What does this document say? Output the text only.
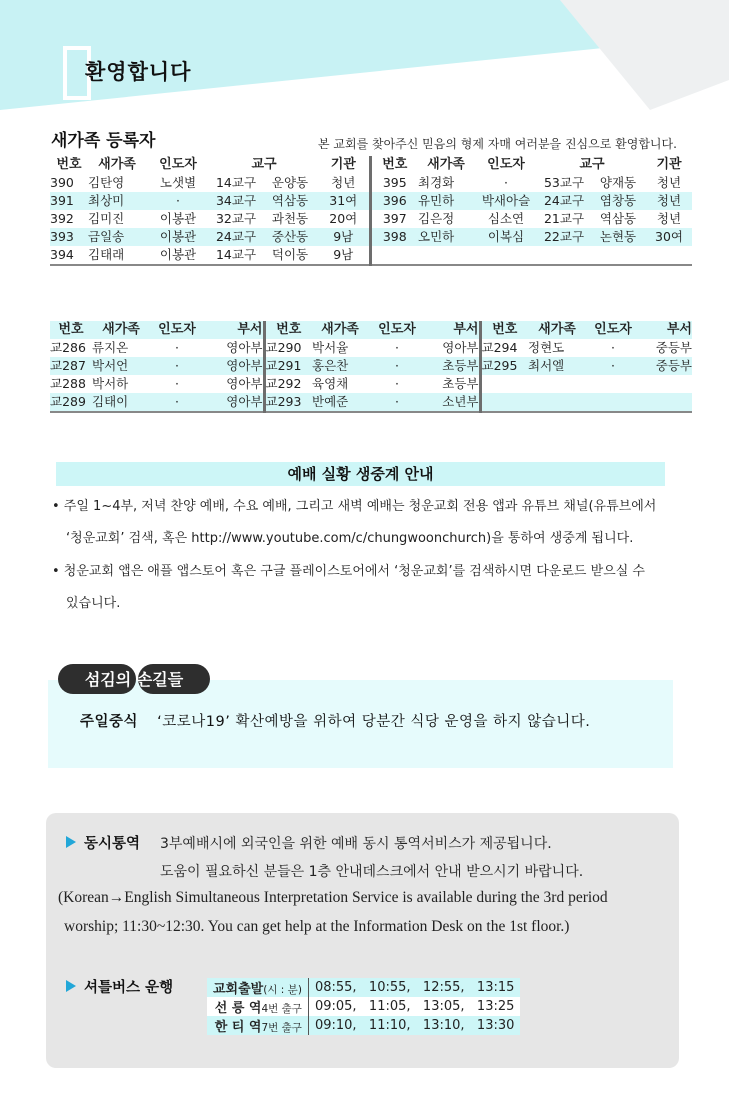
환영합니다
새가족 등록자	본 교회를 찾아주신 믿음의 형제 자매 여러분을 진심으로 환영합니다.
번호	새가족	인도자	교구		기관	번호	새가족	인도자	교구		기관
390	김탄영	노샛별	14교구	운양동	청년	395	최경화	·	53교구	양재동	청년
391	최상미	·	34교구	역삼동	31여	396	유민하	박새아슬	24교구	염창동	청년
392	김미진	이봉관	32교구	과천동	20여	397	김은정	심소연	21교구	역삼동	청년
393	금일송	이봉관	24교구	중산동	9남	398	오민하	이복심	22교구	논현동	30여
394	김태래	이봉관	14교구	덕이동	9남						
번호	새가족	인도자	부서	번호	새가족	인도자	부서	번호	새가족	인도자	부서
교286	류지온	·	영아부	교290	박서율	·	영아부	교294	정현도	·	중등부
교287	박서언	·	영아부	교291	홍은찬	·	초등부	교295	최서엘	·	중등부
교288	박서하	·	영아부	교292	육영채	·	초등부				
교289	김태이	·	영아부	교293	반예준	·	소년부				
예배 실황 생중계 안내
• 주일 1~4부, 저녁 찬양 예배, 수요 예배, 그리고 새벽 예배는 청운교회 전용 앱과 유튜브 채널(유튜브에서
‘청운교회’ 검색, 혹은 http://www.youtube.com/c/chungwoonchurch)을 통하여 생중계 됩니다.
• 청운교회 앱은 애플 앱스토어 혹은 구글 플레이스토어에서 ‘청운교회’를 검색하시면 다운로드 받으실 수
있습니다.
섬김의 손길들
주일중식 ‘코로나19’ 확산예방을 위하여 당분간 식당 운영을 하지 않습니다.
동시통역 3부예배시에 외국인을 위한 예배 동시 통역서비스가 제공됩니다.
도움이 필요하신 분들은 1층 안내데스크에서 안내 받으시기 바랍니다.
(Korean→English Simultaneous Interpretation Service is available during the 3rd period
worship; 11:30~12:30. You can get help at the Information Desk on the 1st floor.)
셔틀버스 운행	교회출발(시 : 분)	08:55,   10:55,   12:55,   13:15
선 릉 역4번 출구	09:05,   11:05,   13:05,   13:25
한 티 역7번 출구	09:10,   11:10,   13:10,   13:30
